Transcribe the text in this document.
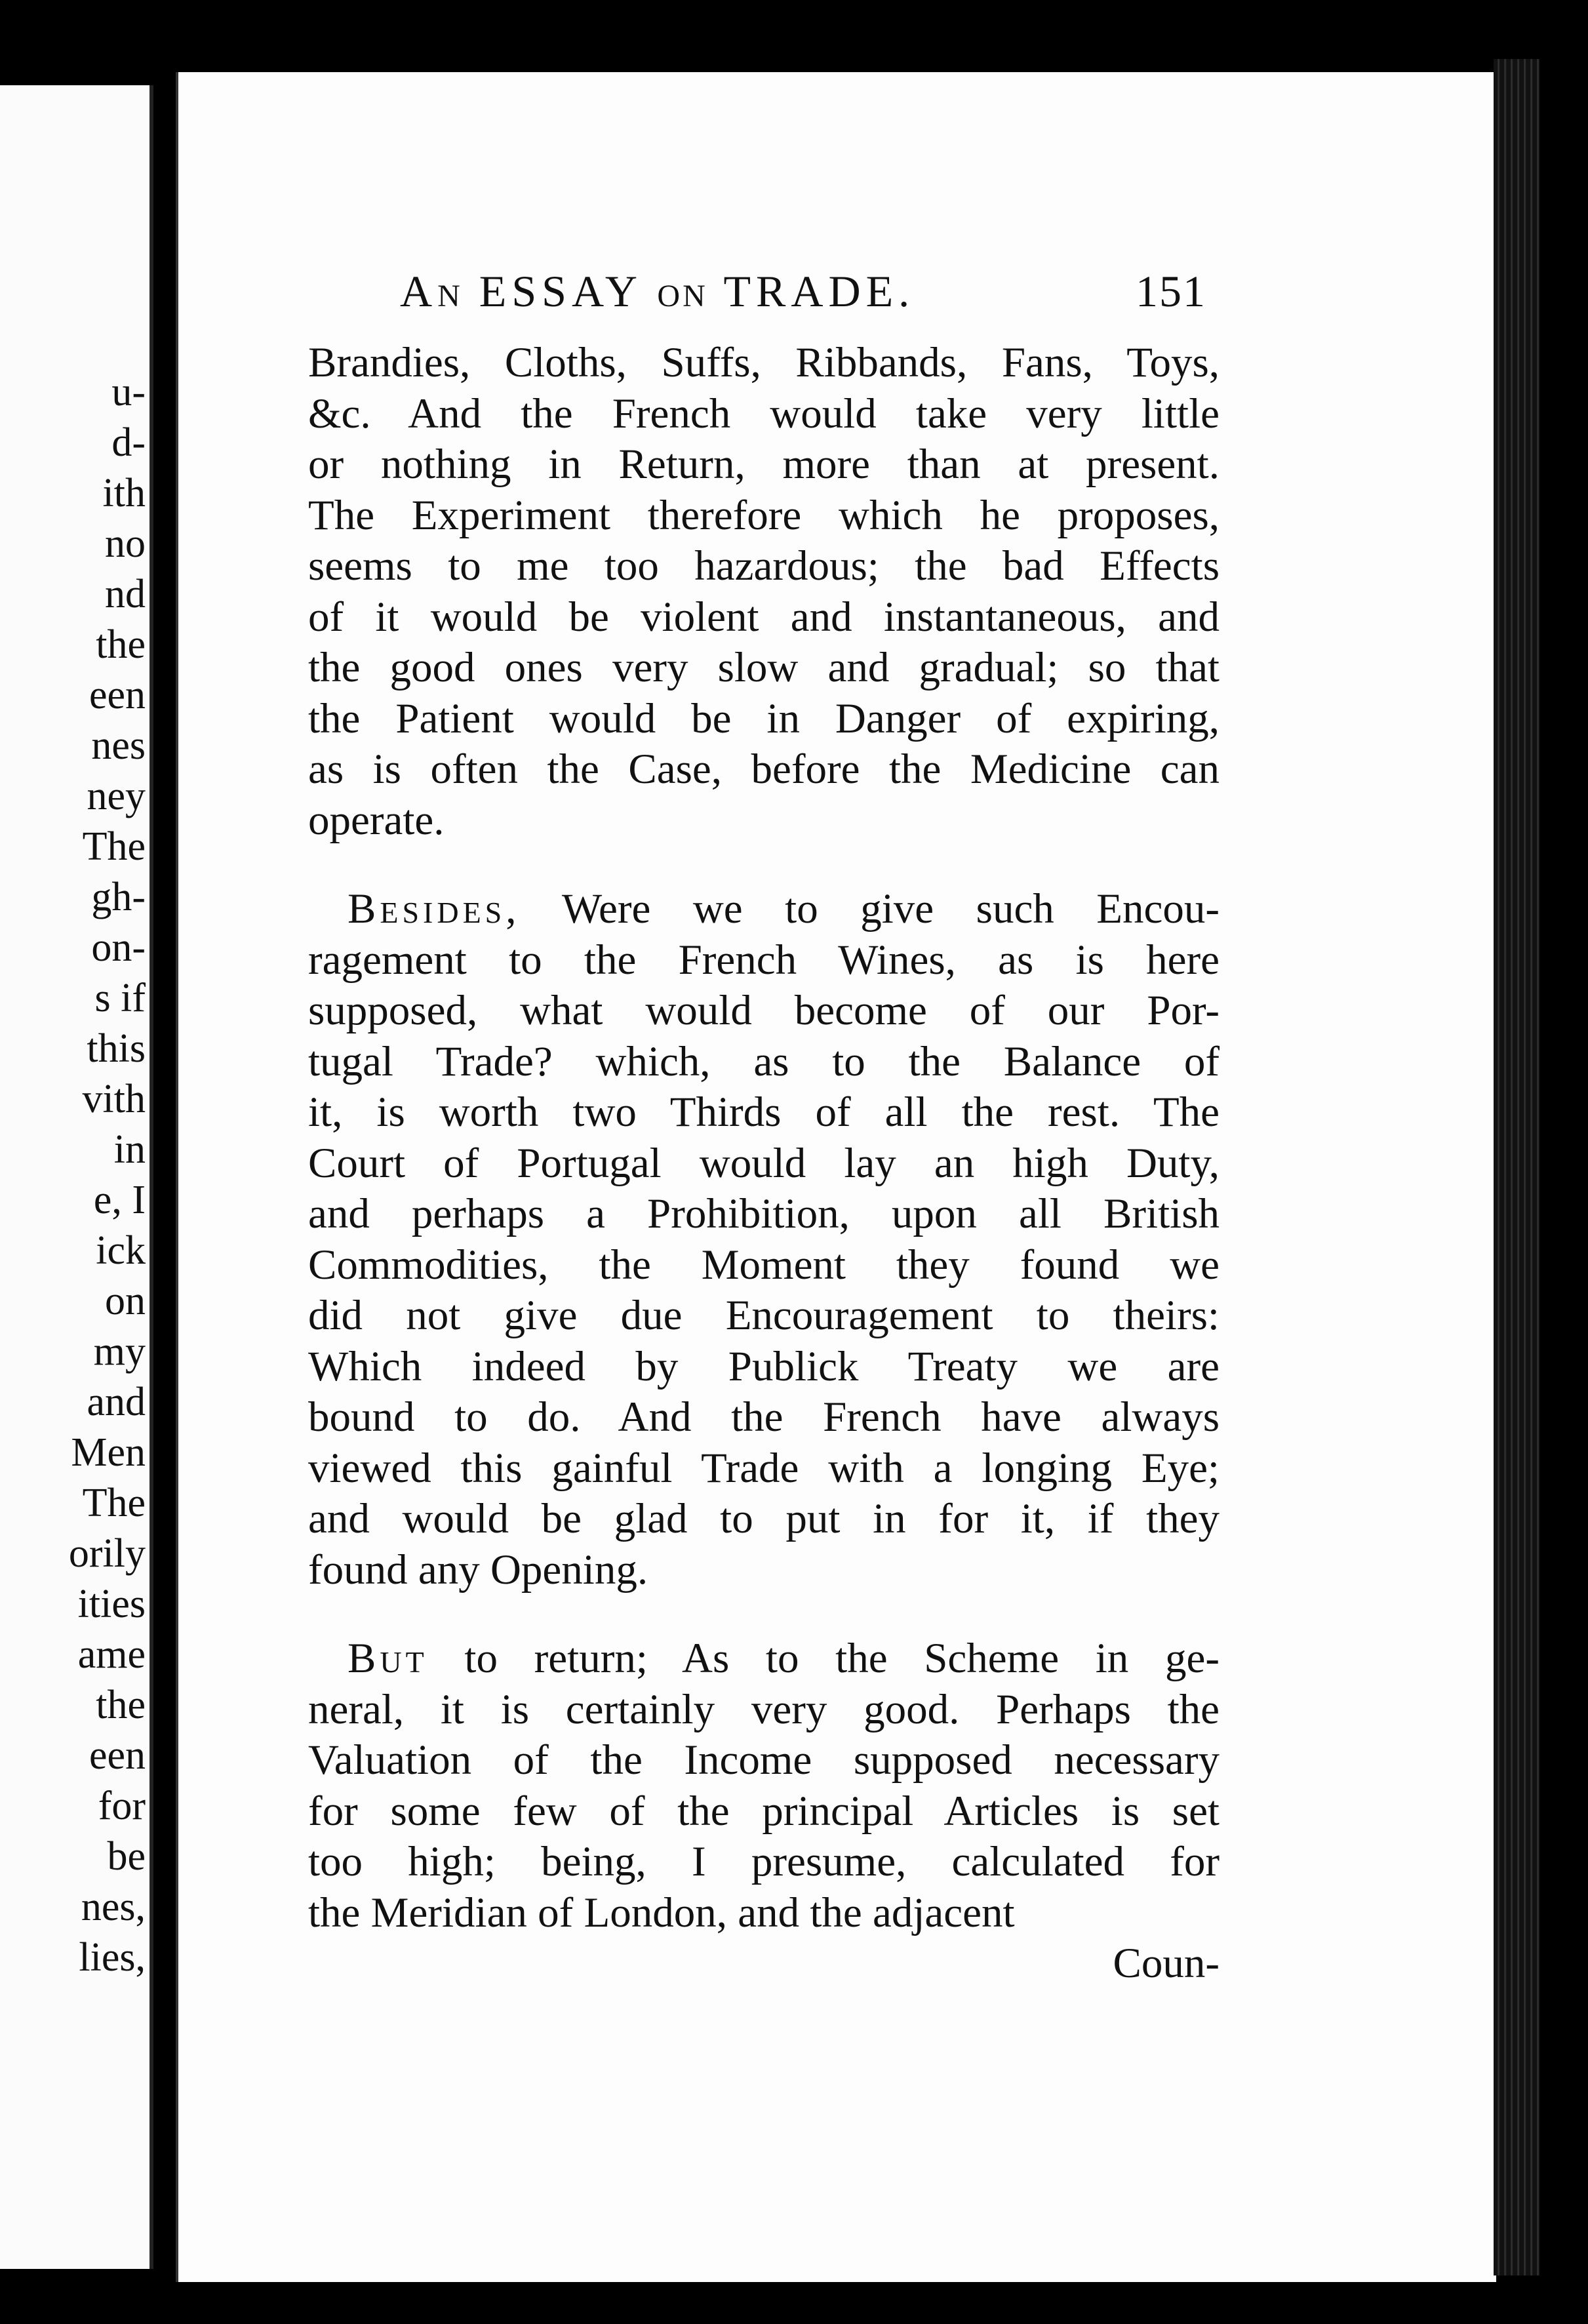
u-
d-
ith
no
nd
the
een
nes
ney
The
gh-
on-
s if
this
vith
in
e, I
ick
on
my
and
Men
The
orily
ities
ame
the
een
for
be
nes,
lies,
AN ESSAY ON TRADE.	151
Brandies, Cloths, Suffs, Ribbands, Fans, Toys,
&c. And the French would take very little
or nothing in Return, more than at present.
The Experiment therefore which he proposes,
seems to me too hazardous; the bad Effects
of it would be violent and instantaneous, and
the good ones very slow and gradual; so that
the Patient would be in Danger of expiring,
as is often the Case, before the Medicine can
operate.
Besides, Were we to give such Encou-
ragement to the French Wines, as is here
supposed, what would become of our Por-
tugal Trade? which, as to the Balance of
it, is worth two Thirds of all the rest. The
Court of Portugal would lay an high Duty,
and perhaps a Prohibition, upon all British
Commodities, the Moment they found we
did not give due Encouragement to theirs:
Which indeed by Publick Treaty we are
bound to do. And the French have always
viewed this gainful Trade with a longing Eye;
and would be glad to put in for it, if they
found any Opening.
But to return; As to the Scheme in ge-
neral, it is certainly very good. Perhaps the
Valuation of the Income supposed necessary
for some few of the principal Articles is set
too high; being, I presume, calculated for
the Meridian of London, and the adjacent
Coun-
